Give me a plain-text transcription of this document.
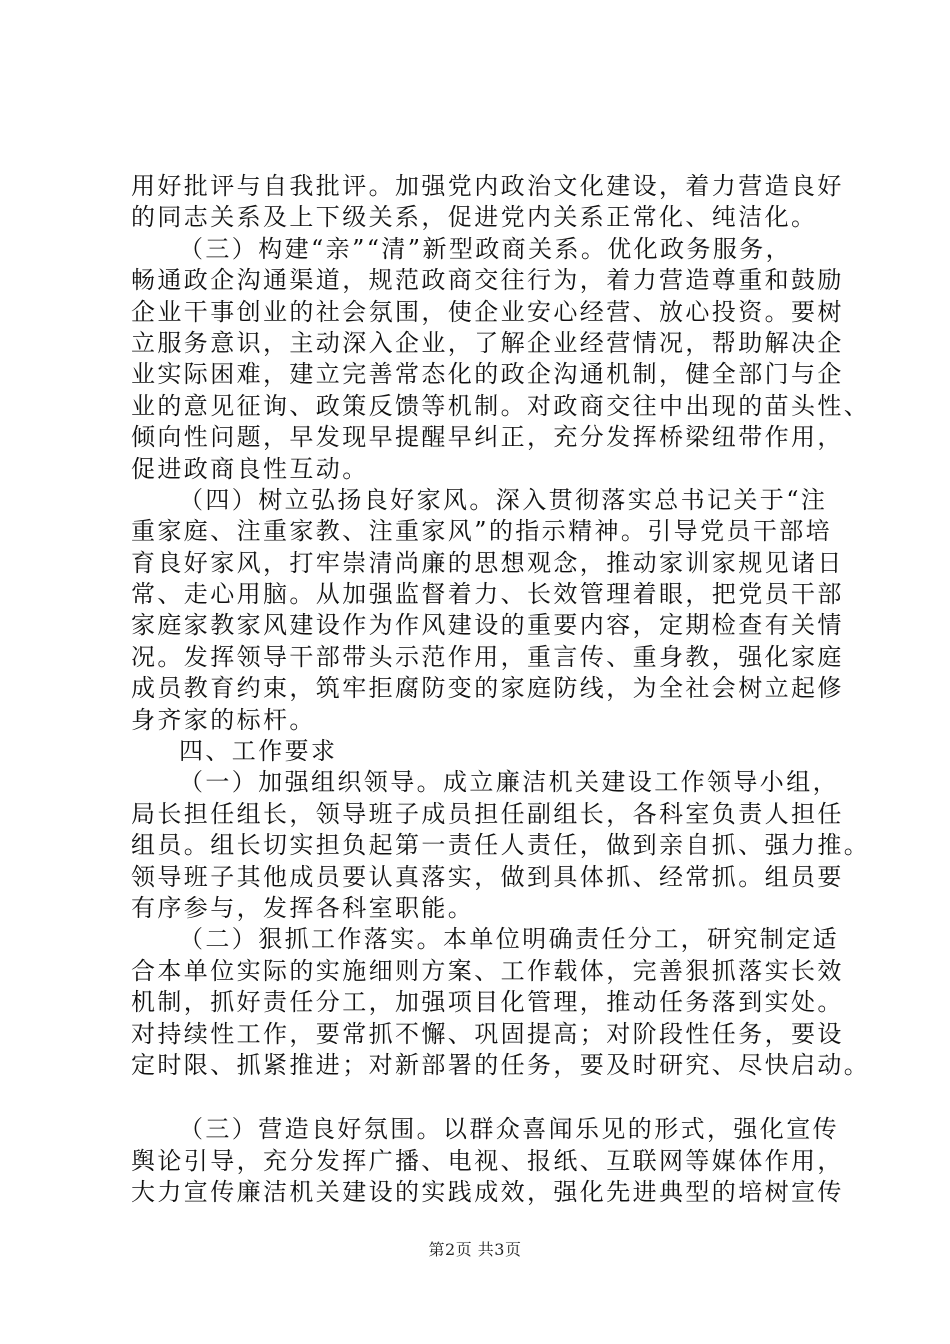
用好批评与自我批评。加强党内政治文化建设，着力营造良好
的同志关系及上下级关系，促进党内关系正常化、纯洁化。
（三）构建“亲”“清”新型政商关系。优化政务服务，
畅通政企沟通渠道，规范政商交往行为，着力营造尊重和鼓励
企业干事创业的社会氛围，使企业安心经营、放心投资。要树
立服务意识，主动深入企业，了解企业经营情况，帮助解决企
业实际困难，建立完善常态化的政企沟通机制，健全部门与企
业的意见征询、政策反馈等机制。对政商交往中出现的苗头性、
倾向性问题，早发现早提醒早纠正，充分发挥桥梁纽带作用，
促进政商良性互动。
（四）树立弘扬良好家风。深入贯彻落实总书记关于“注
重家庭、注重家教、注重家风”的指示精神。引导党员干部培
育良好家风，打牢崇清尚廉的思想观念，推动家训家规见诸日
常、走心用脑。从加强监督着力、长效管理着眼，把党员干部
家庭家教家风建设作为作风建设的重要内容，定期检查有关情
况。发挥领导干部带头示范作用，重言传、重身教，强化家庭
成员教育约束，筑牢拒腐防变的家庭防线，为全社会树立起修
身齐家的标杆。
四、工作要求
（一）加强组织领导。成立廉洁机关建设工作领导小组，
局长担任组长，领导班子成员担任副组长，各科室负责人担任
组员。组长切实担负起第一责任人责任，做到亲自抓、强力推。
领导班子其他成员要认真落实，做到具体抓、经常抓。组员要
有序参与，发挥各科室职能。
（二）狠抓工作落实。本单位明确责任分工，研究制定适
合本单位实际的实施细则方案、工作载体，完善狠抓落实长效
机制，抓好责任分工，加强项目化管理，推动任务落到实处。
对持续性工作，要常抓不懈、巩固提高；对阶段性任务，要设
定时限、抓紧推进；对新部署的任务，要及时研究、尽快启动。
（三）营造良好氛围。以群众喜闻乐见的形式，强化宣传
舆论引导，充分发挥广播、电视、报纸、互联网等媒体作用，
大力宣传廉洁机关建设的实践成效，强化先进典型的培树宣传
第2页 共3页
